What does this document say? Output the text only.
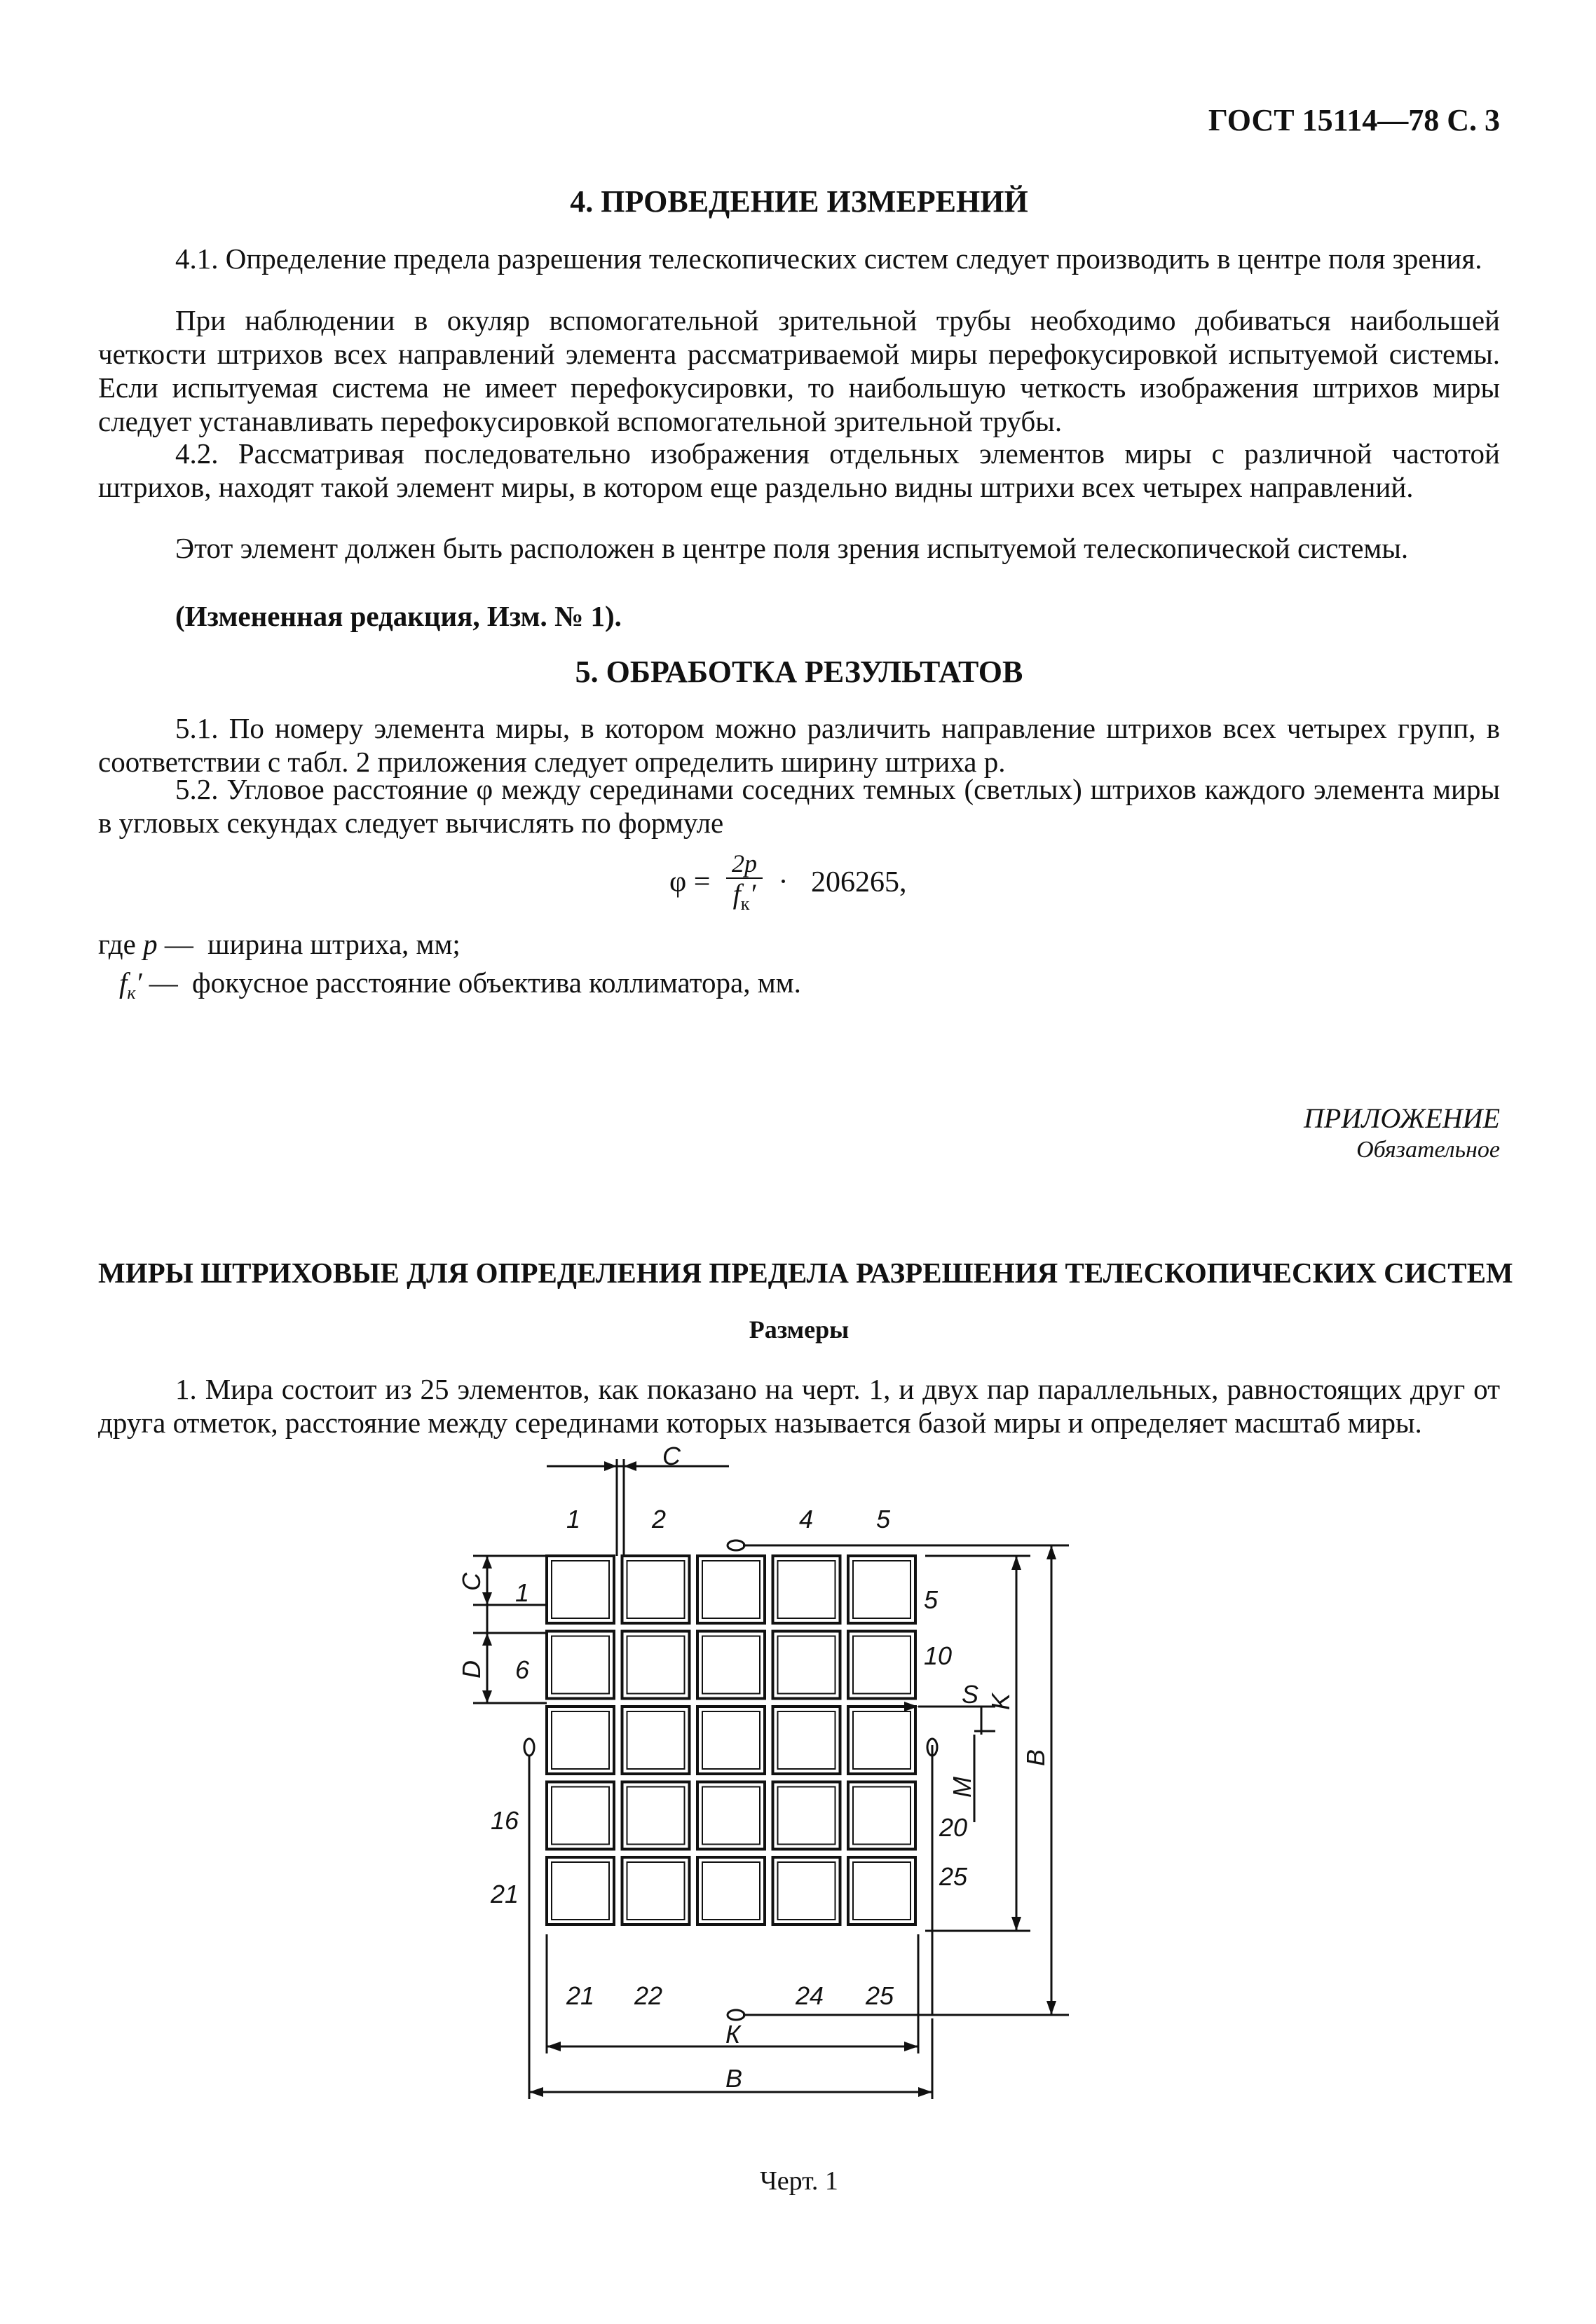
ГОСТ 15114—78 С. 3
4. ПРОВЕДЕНИЕ ИЗМЕРЕНИЙ
4.1. Определение предела разрешения телескопических систем следует производить в центре поля зрения.
При наблюдении в окуляр вспомогательной зрительной трубы необходимо добиваться наибольшей четкости штрихов всех направлений элемента рассматриваемой миры перефокусировкой испытуемой системы. Если испытуемая система не имеет перефокусировки, то наибольшую четкость изображения штрихов миры следует устанавливать перефокусировкой вспомогательной зрительной трубы.
4.2. Рассматривая последовательно изображения отдельных элементов миры с различной частотой штрихов, находят такой элемент миры, в котором еще раздельно видны штрихи всех четырех направлений.
Этот элемент должен быть расположен в центре поля зрения испытуемой телескопической системы.
(Измененная редакция, Изм. № 1).
5. ОБРАБОТКА РЕЗУЛЬТАТОВ
5.1. По номеру элемента миры, в котором можно различить направление штрихов всех четырех групп, в соответствии с табл. 2 приложения следует определить ширину штриха p.
5.2. Угловое расстояние φ между серединами соседних темных (светлых) штрихов каждого элемента миры в угловых секундах следует вычислять по формуле
$\varphi = \frac{2p}{f_к'} \cdot 206265$,
где p — ширина штриха, мм;
$f_к'$ — фокусное расстояние объектива коллиматора, мм.
ПРИЛОЖЕНИЕ
Обязательное
МИРЫ ШТРИХОВЫЕ ДЛЯ ОПРЕДЕЛЕНИЯ ПРЕДЕЛА РАЗРЕШЕНИЯ ТЕЛЕСКОПИЧЕСКИХ СИСТЕМ
Размеры
1. Мира состоит из 25 элементов, как показано на черт. 1, и двух пар параллельных, равностоящих друг от друга отметок, расстояние между серединами которых называется базой миры и определяет масштаб миры.
С
1	2	4 5
С 1
D 6
5
10
S K
M
B
16
21
20
25
21 22	24 25
К
В
Черт. 1
